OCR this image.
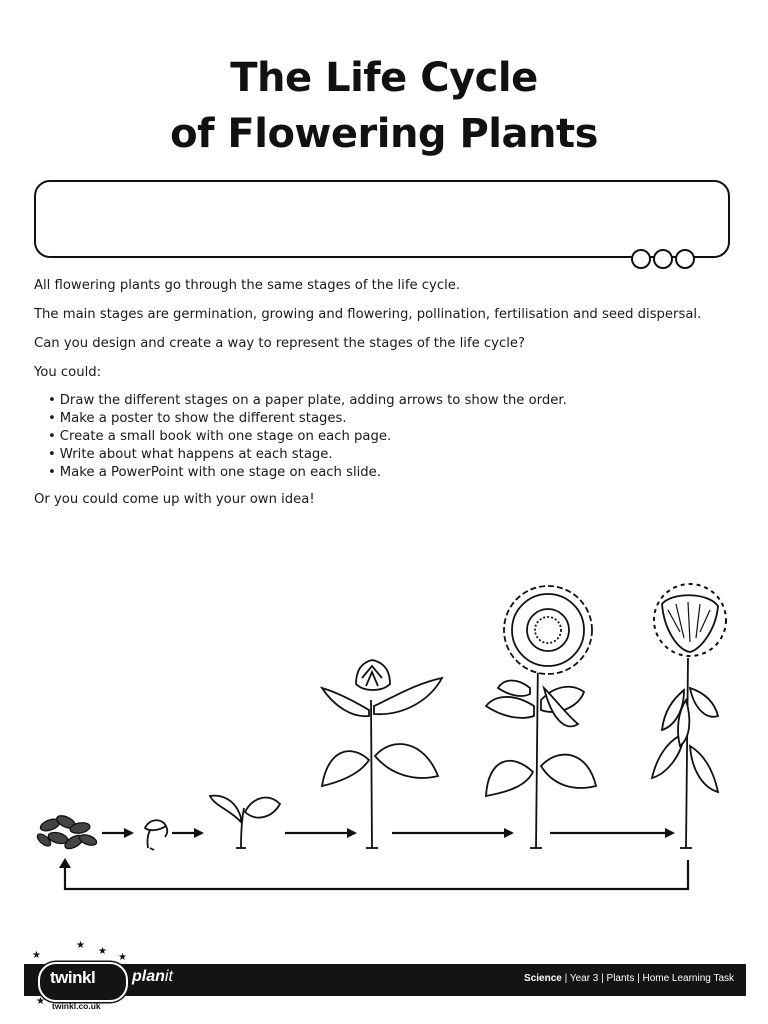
The Life Cycle
of Flowering Plants

All flowering plants go through the same stages of the life cycle.

The main stages are germination, growing and flowering, pollination, fertilisation and seed dispersal.

Can you design and create a way to represent the stages of the life cycle?

You could:

• Draw the different stages on a paper plate, adding arrows to show the order.
• Make a poster to show the different stages.
• Create a small book with one stage on each page.
• Write about what happens at each stage.
• Make a PowerPoint with one stage on each slide.

Or you could come up with your own idea!

Science | Year 3 | Plants | Home Learning Task
twinkl planit
twinkl.co.uk
★
★
★
★
★
